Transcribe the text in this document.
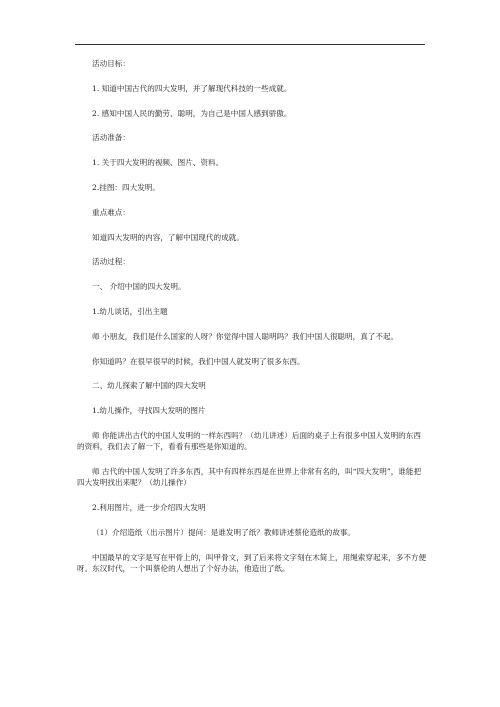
活动目标：

1. 知道中国古代的四大发明，并了解现代科技的一些成就。

2. 感知中国人民的勤劳、聪明，为自己是中国人感到骄傲。

活动准备：

1. 关于四大发明的视频、图片、资料。

2.挂图：四大发明。

重点难点：

知道四大发明的内容，了解中国现代的成就。

活动过程：

一、 介绍中国的四大发明。

1.幼儿谈话，引出主题

师 小朋友，我们是什么国家的人呀？你觉得中国人聪明吗？我们中国人很聪明，真了不起。

你知道吗？在很早很早的时候，我们中国人就发明了很多东西。

二、幼儿探索了解中国的四大发明

1.幼儿操作，寻找四大发明的图片

师 你能讲出古代的中国人发明的一样东西吗？（幼儿讲述）后面的桌子上有很多中国人发明的东西的资料，我们去了解一下，看看有那些是你知道的。

师 古代的中国人发明了许多东西，其中有四样东西是在世界上非常有名的，叫“四大发明”，谁能把四大发明找出来呢？（幼儿操作）

2.利用图片，进一步介绍四大发明

（1）介绍造纸（出示图片）提问：是谁发明了纸？教师讲述蔡伦造纸的故事。

中国最早的文字是写在甲骨上的，叫甲骨文，到了后来将文字刻在木简上，用绳索穿起来，多不方便呀。东汉时代，一个叫蔡伦的人想出了个好办法，他造出了纸。
